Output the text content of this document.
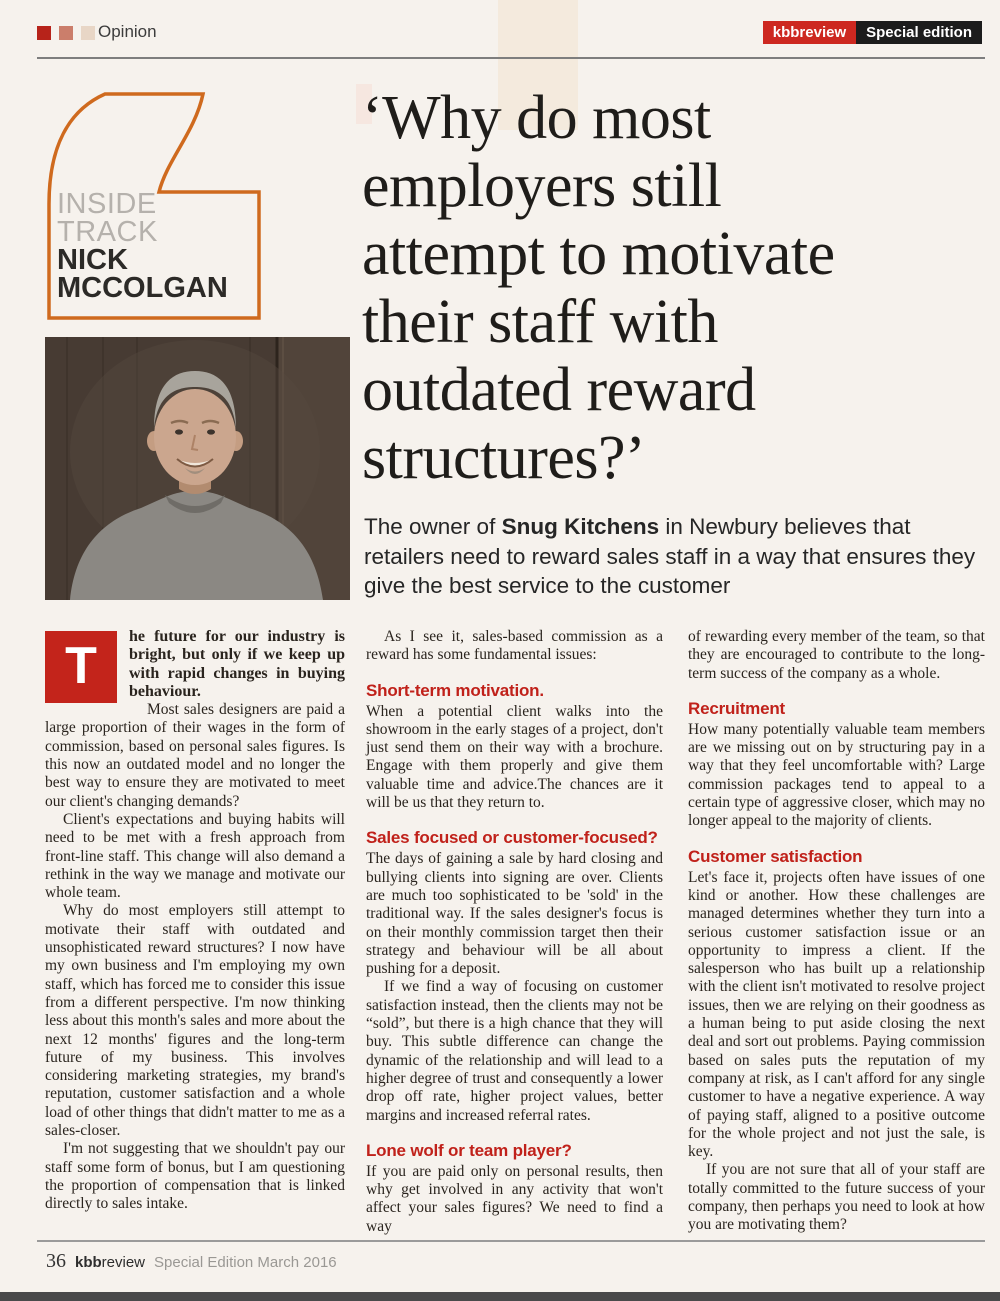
Opinion	kbbreview	Special edition
INSIDE
TRACK
NICK
MCCOLGAN
‘Why do most
employers still
attempt to motivate
their staff with
outdated reward
structures?’
The owner of Snug Kitchens in Newbury believes that retailers need to reward sales staff in a way that ensures they give the best service to the customer

T
he future for our industry is bright, but only if we keep up with rapid changes in buying behaviour.

Most sales designers are paid a large proportion of their wages in the form of commission, based on personal sales figures. Is this now an outdated model and no longer the best way to ensure they are motivated to meet our client's changing demands?

Client's expectations and buying habits will need to be met with a fresh approach from front-line staff. This change will also demand a rethink in the way we manage and motivate our whole team.

Why do most employers still attempt to motivate their staff with outdated and unsophisticated reward structures? I now have my own business and I'm employing my own staff, which has forced me to consider this issue from a different perspective. I'm now thinking less about this month's sales and more about the next 12 months' figures and the long-term future of my business. This involves considering marketing strategies, my brand's reputation, customer satisfaction and a whole load of other things that didn't matter to me as a sales-closer.

I'm not suggesting that we shouldn't pay our staff some form of bonus, but I am questioning the proportion of compensation that is linked directly to sales intake.

As I see it, sales-based commission as a reward has some fundamental issues:

Short-term motivation.

When a potential client walks into the showroom in the early stages of a project, don't just send them on their way with a brochure. Engage with them properly and give them valuable time and advice.The chances are it will be us that they return to.

Sales focused or customer-focused?

The days of gaining a sale by hard closing and bullying clients into signing are over. Clients are much too sophisticated to be 'sold' in the traditional way. If the sales designer's focus is on their monthly commission target then their strategy and behaviour will be all about pushing for a deposit.

If we find a way of focusing on customer satisfaction instead, then the clients may not be “sold”, but there is a high chance that they will buy. This subtle difference can change the dynamic of the relationship and will lead to a higher degree of trust and consequently a lower drop off rate, higher project values, better margins and increased referral rates.

Lone wolf or team player?

If you are paid only on personal results, then why get involved in any activity that won't affect your sales figures? We need to find a way

of rewarding every member of the team, so that they are encouraged to contribute to the long-term success of the company as a whole.

Recruitment

How many potentially valuable team members are we missing out on by structuring pay in a way that they feel uncomfortable with? Large commission packages tend to appeal to a certain type of aggressive closer, which may no longer appeal to the majority of clients.

Customer satisfaction

Let's face it, projects often have issues of one kind or another. How these challenges are managed determines whether they turn into a serious customer satisfaction issue or an opportunity to impress a client. If the salesperson who has built up a relationship with the client isn't motivated to resolve project issues, then we are relying on their goodness as a human being to put aside closing the next deal and sort out problems. Paying commission based on sales puts the reputation of my company at risk, as I can't afford for any single customer to have a negative experience. A way of paying staff, aligned to a positive outcome for the whole project and not just the sale, is key.

If you are not sure that all of your staff are totally committed to the future success of your company, then perhaps you need to look at how you are motivating them?

36 kbbreview Special Edition March 2016
